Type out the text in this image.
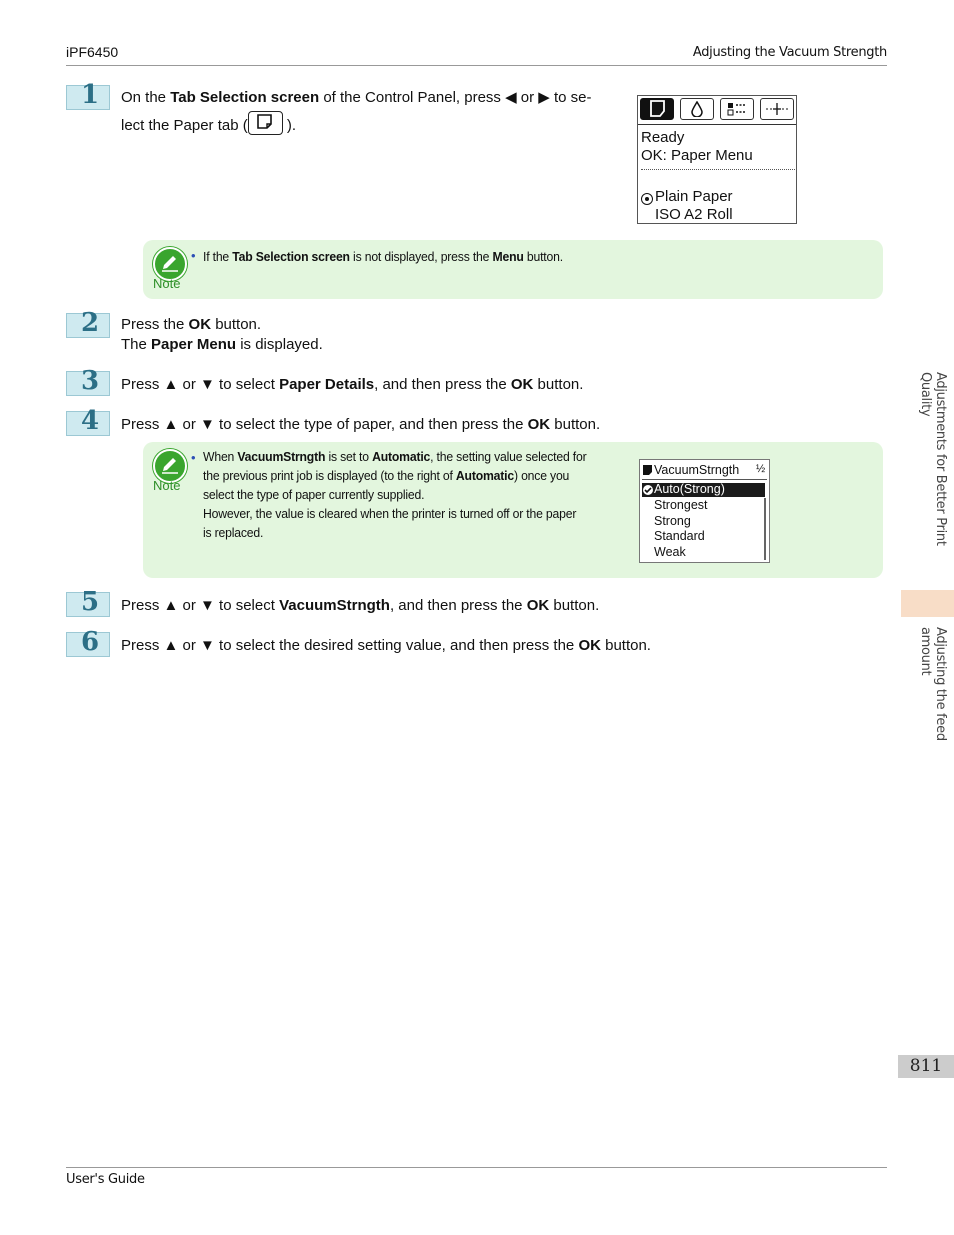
iPF6450	Adjusting the Vacuum Strength
1 On the Tab Selection screen of the Control Panel, press ◀ or ▶ to se-
lect the Paper tab (
).
Ready
OK: Paper Menu
Plain Paper
ISO A2 Roll
Note
• If the Tab Selection screen is not displayed, press the Menu button.
2 Press the OK button.
The Paper Menu is displayed.
3 Press ▲ or ▼ to select Paper Details, and then press the OK button.
4 Press ▲ or ▼ to select the type of paper, and then press the OK button.
Note
• When VacuumStrngth is set to Automatic, the setting value selected for
the previous print job is displayed (to the right of Automatic) once you
select the type of paper currently supplied.
However, the value is cleared when the printer is turned off or the paper
is replaced.
VacuumStrngth ½
Auto(Strong)
Strongest
Strong
Standard
Weak
5 Press ▲ or ▼ to select VacuumStrngth, and then press the OK button.
6 Press ▲ or ▼ to select the desired setting value, and then press the OK button.
Adjustments for Better Print Quality
Adjusting the feed amount
811
User's Guide
